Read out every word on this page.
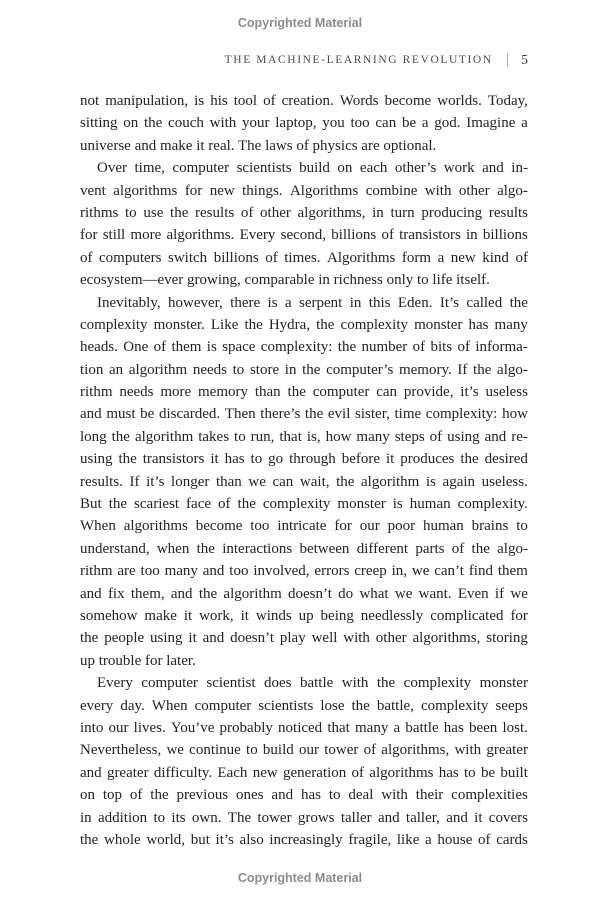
Copyrighted Material
THE MACHINE-LEARNING REVOLUTION 5
not manipulation, is his tool of creation. Words become worlds. Today,
sitting on the couch with your laptop, you too can be a god. Imagine a
universe and make it real. The laws of physics are optional.
Over time, computer scientists build on each other’s work and in-
vent algorithms for new things. Algorithms combine with other algo-
rithms to use the results of other algorithms, in turn producing results
for still more algorithms. Every second, billions of transistors in billions
of computers switch billions of times. Algorithms form a new kind of
ecosystem—ever growing, comparable in richness only to life itself.
Inevitably, however, there is a serpent in this Eden. It’s called the
complexity monster. Like the Hydra, the complexity monster has many
heads. One of them is space complexity: the number of bits of informa-
tion an algorithm needs to store in the computer’s memory. If the algo-
rithm needs more memory than the computer can provide, it’s useless
and must be discarded. Then there’s the evil sister, time complexity: how
long the algorithm takes to run, that is, how many steps of using and re-
using the transistors it has to go through before it produces the desired
results. If it’s longer than we can wait, the algorithm is again useless.
But the scariest face of the complexity monster is human complexity.
When algorithms become too intricate for our poor human brains to
understand, when the interactions between different parts of the algo-
rithm are too many and too involved, errors creep in, we can’t find them
and fix them, and the algorithm doesn’t do what we want. Even if we
somehow make it work, it winds up being needlessly complicated for
the people using it and doesn’t play well with other algorithms, storing
up trouble for later.
Every computer scientist does battle with the complexity monster
every day. When computer scientists lose the battle, complexity seeps
into our lives. You’ve probably noticed that many a battle has been lost.
Nevertheless, we continue to build our tower of algorithms, with greater
and greater difficulty. Each new generation of algorithms has to be built
on top of the previous ones and has to deal with their complexities
in addition to its own. The tower grows taller and taller, and it covers
the whole world, but it’s also increasingly fragile, like a house of cards
Copyrighted Material
